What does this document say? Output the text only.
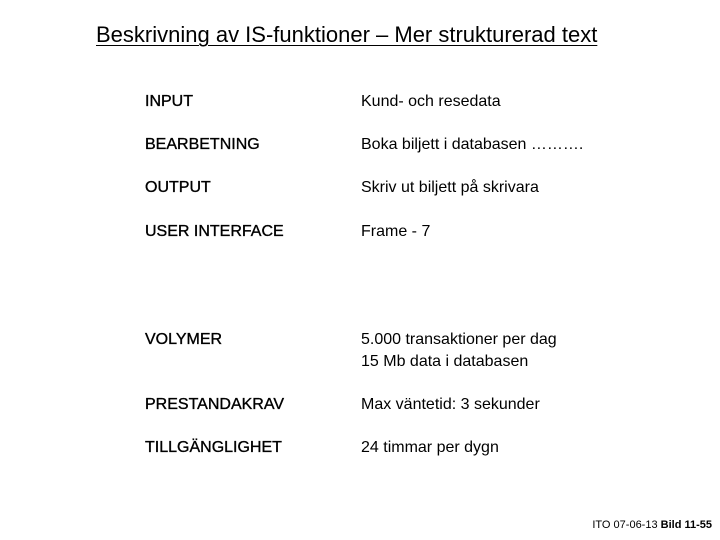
Beskrivning av IS-funktioner – Mer strukturerad text
INPUT	Kund- och resedata
BEARBETNING	Boka biljett i databasen ……….
OUTPUT	Skriv ut biljett på skrivara
USER INTERFACE	Frame - 7
VOLYMER	5.000 transaktioner per dag
15 Mb data i databasen
PRESTANDAKRAV	Max väntetid: 3 sekunder
TILLGÄNGLIGHET	24 timmar per dygn
ITO 07-06-13 Bild 11-55
